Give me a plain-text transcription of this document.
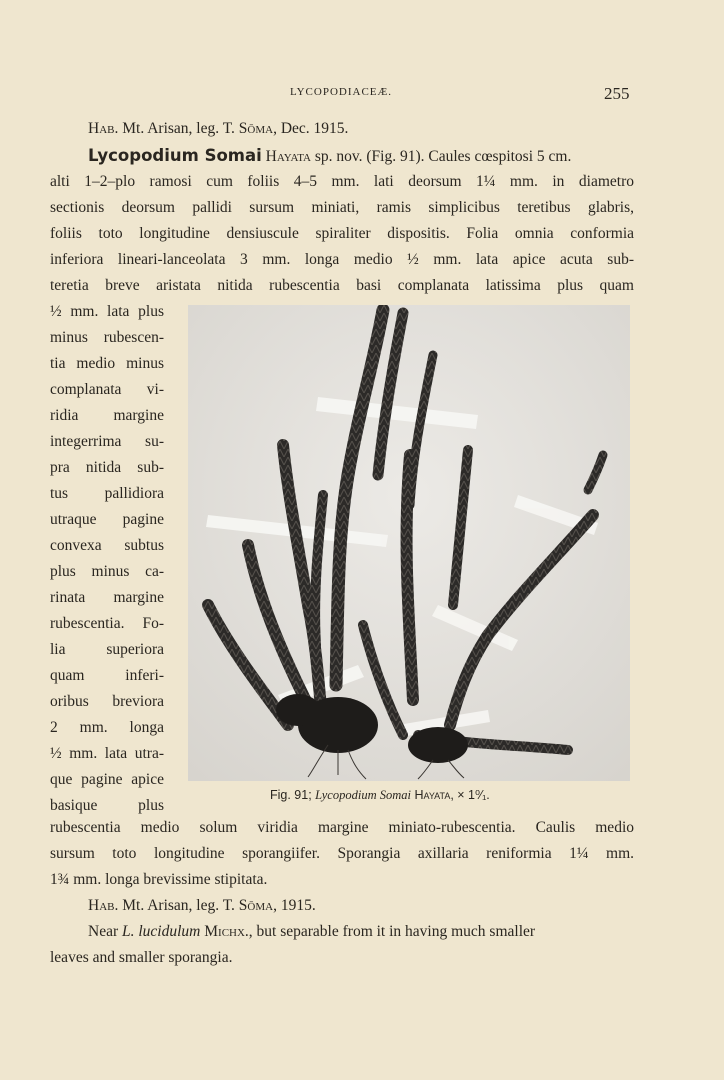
LYCOPODIACEÆ.	255
Hab. Mt. Arisan, leg. T. Sōma, Dec. 1915.
Lycopodium Somai Hayata sp. nov. (Fig. 91). Caules cœspitosi 5 cm.
alti 1–2–plo ramosi cum foliis 4–5 mm. lati deorsum 1¼ mm. in diametro
sectionis deorsum pallidi sursum miniati, ramis simplicibus teretibus glabris,
foliis toto longitudine densiuscule spiraliter dispositis. Folia omnia conformia
inferiora lineari-lanceolata 3 mm. longa medio ½ mm. lata apice acuta sub-
teretia breve aristata nitida rubescentia basi complanata latissima plus quam
½ mm. lata plus
minus rubescen-
tia medio minus
complanata vi-
ridia margine
integerrima su-
pra nitida sub-
tus pallidiora
utraque pagine
convexa subtus
plus minus ca-
rinata margine
rubescentia. Fo-
lia superiora
quam inferi-
oribus breviora
2 mm. longa
½ mm. lata utra-
que pagine apice
basique plus
Fig. 91; Lycopodium Somai Hayata, × 1⁰⁄₁.
rubescentia medio solum viridia margine miniato-rubescentia. Caulis medio
sursum toto longitudine sporangiifer. Sporangia axillaria reniformia 1¼ mm.
1¾ mm. longa brevissime stipitata.
Hab. Mt. Arisan, leg. T. Sōma, 1915.
Near L. lucidulum Michx., but separable from it in having much smaller
leaves and smaller sporangia.
